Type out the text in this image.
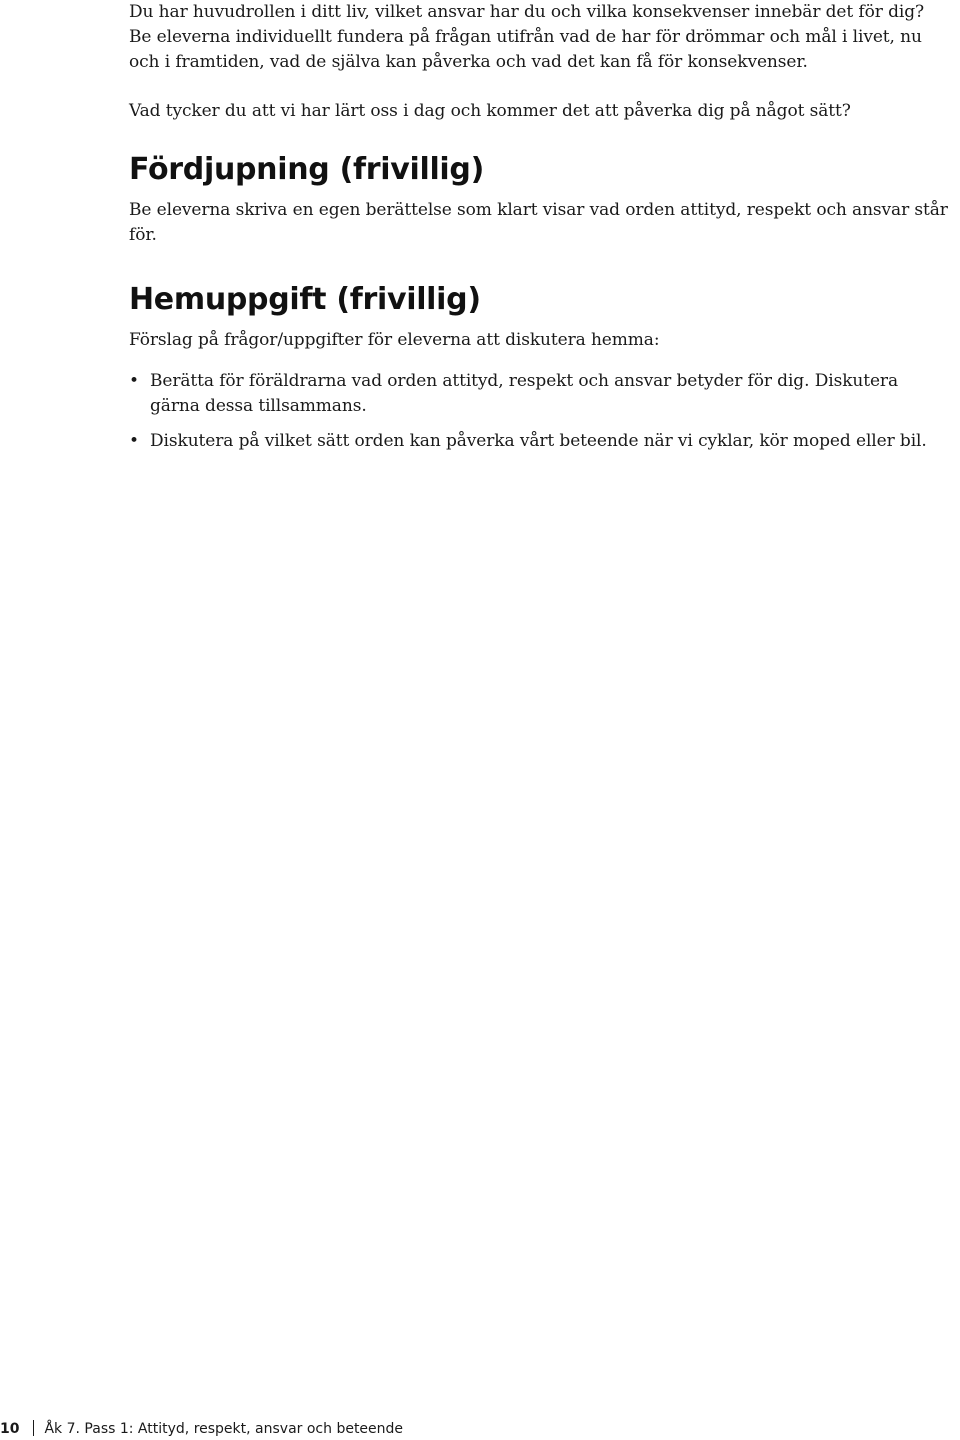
Du har huvudrollen i ditt liv, vilket ansvar har du och vilka konsekvenser innebär det för dig? Be eleverna individuellt fundera på frågan utifrån vad de har för drömmar och mål i livet, nu och i framtiden, vad de själva kan påverka och vad det kan få för konsekvenser.

Vad tycker du att vi har lärt oss i dag och kommer det att påverka dig på något sätt?

Fördjupning (frivillig)

Be eleverna skriva en egen berättelse som klart visar vad orden attityd, respekt och ansvar står för.

Hemuppgift (frivillig)

Förslag på frågor/uppgifter för eleverna att diskutera hemma:

• Berätta för föräldrarna vad orden attityd, respekt och ansvar betyder för dig. Diskutera gärna dessa tillsammans.
• Diskutera på vilket sätt orden kan påverka vårt beteende när vi cyklar, kör moped eller bil.
10 Åk 7. Pass 1: Attityd, respekt, ansvar och beteende
